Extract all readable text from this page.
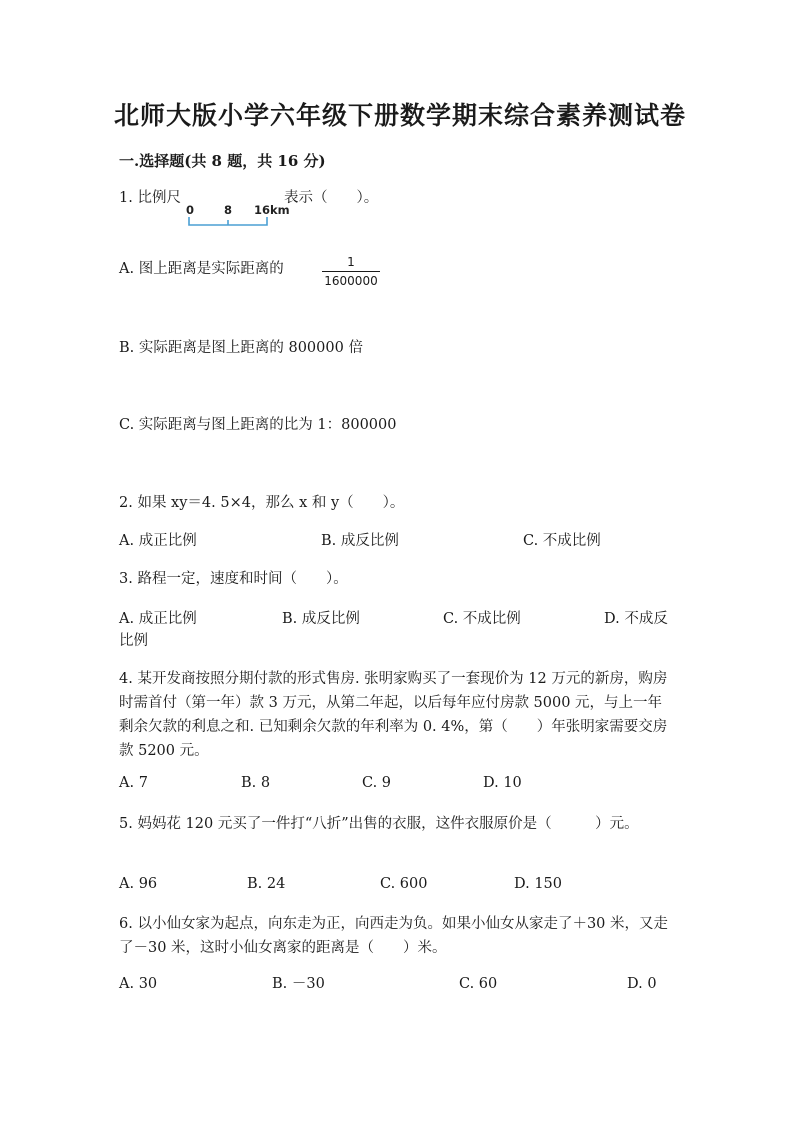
北师大版小学六年级下册数学期末综合素养测试卷
一.选择题(共 8 题，共 16 分)
1. 比例尺
0	8 16km
表示（　　）。
A. 图上距离是实际距离的	1
1600000
B. 实际距离是图上距离的 800000 倍
C. 实际距离与图上距离的比为 1：800000
2. 如果 xy＝4. 5×4，那么 x 和 y（　　）。
A. 成正比例	B. 成反比例	C. 不成比例
3. 路程一定，速度和时间（　　）。
A. 成正比例	B. 成反比例	C. 不成比例	D. 不成反
比例
4. 某开发商按照分期付款的形式售房. 张明家购买了一套现价为 12 万元的新房，购房时需首付（第一年）款 3 万元，从第二年起，以后每年应付房款 5000 元，与上一年剩余欠款的利息之和. 已知剩余欠款的年利率为 0. 4%，第（　　）年张明家需要交房款 5200 元。
A. 7	B. 8	C. 9	D. 10
5. 妈妈花 120 元买了一件打“八折”出售的衣服，这件衣服原价是（　　　）元。
A. 96	B. 24	C. 600	D. 150
6. 以小仙女家为起点，向东走为正，向西走为负。如果小仙女从家走了＋30 米，又走了－30 米，这时小仙女离家的距离是（　　）米。
A. 30	B. －30	C. 60	D. 0
